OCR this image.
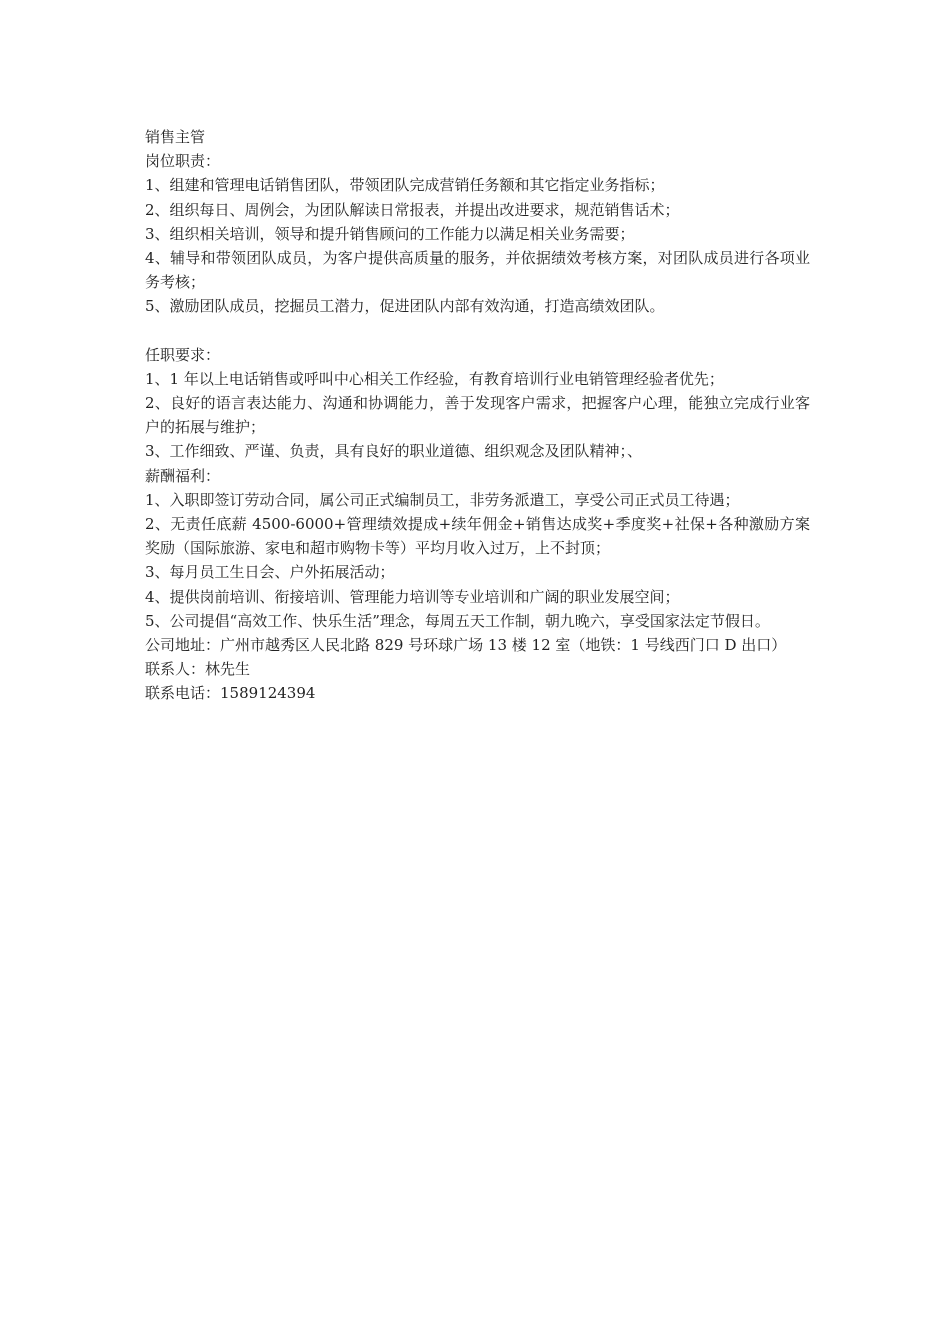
销售主管
岗位职责：
1、组建和管理电话销售团队，带领团队完成营销任务额和其它指定业务指标；
2、组织每日、周例会，为团队解读日常报表，并提出改进要求，规范销售话术；
3、组织相关培训，领导和提升销售顾问的工作能力以满足相关业务需要；
4、辅导和带领团队成员，为客户提供高质量的服务，并依据绩效考核方案，对团队成员进行各项业务考核；
5、激励团队成员，挖掘员工潜力，促进团队内部有效沟通，打造高绩效团队。
任职要求：
1、1 年以上电话销售或呼叫中心相关工作经验，有教育培训行业电销管理经验者优先；
2、良好的语言表达能力、沟通和协调能力，善于发现客户需求，把握客户心理，能独立完成行业客户的拓展与维护；
3、工作细致、严谨、负责，具有良好的职业道德、组织观念及团队精神；、
薪酬福利：
1、入职即签订劳动合同，属公司正式编制员工，非劳务派遣工，享受公司正式员工待遇；
2、无责任底薪 4500-6000+管理绩效提成+续年佣金+销售达成奖+季度奖+社保+各种激励方案奖励（国际旅游、家电和超市购物卡等）平均月收入过万，上不封顶；
3、每月员工生日会、户外拓展活动；
4、提供岗前培训、衔接培训、管理能力培训等专业培训和广阔的职业发展空间；
5、公司提倡“高效工作、快乐生活”理念，每周五天工作制，朝九晚六，享受国家法定节假日。
公司地址：广州市越秀区人民北路 829 号环球广场 13 楼 12 室（地铁：1 号线西门口 D 出口）
联系人：林先生
联系电话：1589124394
